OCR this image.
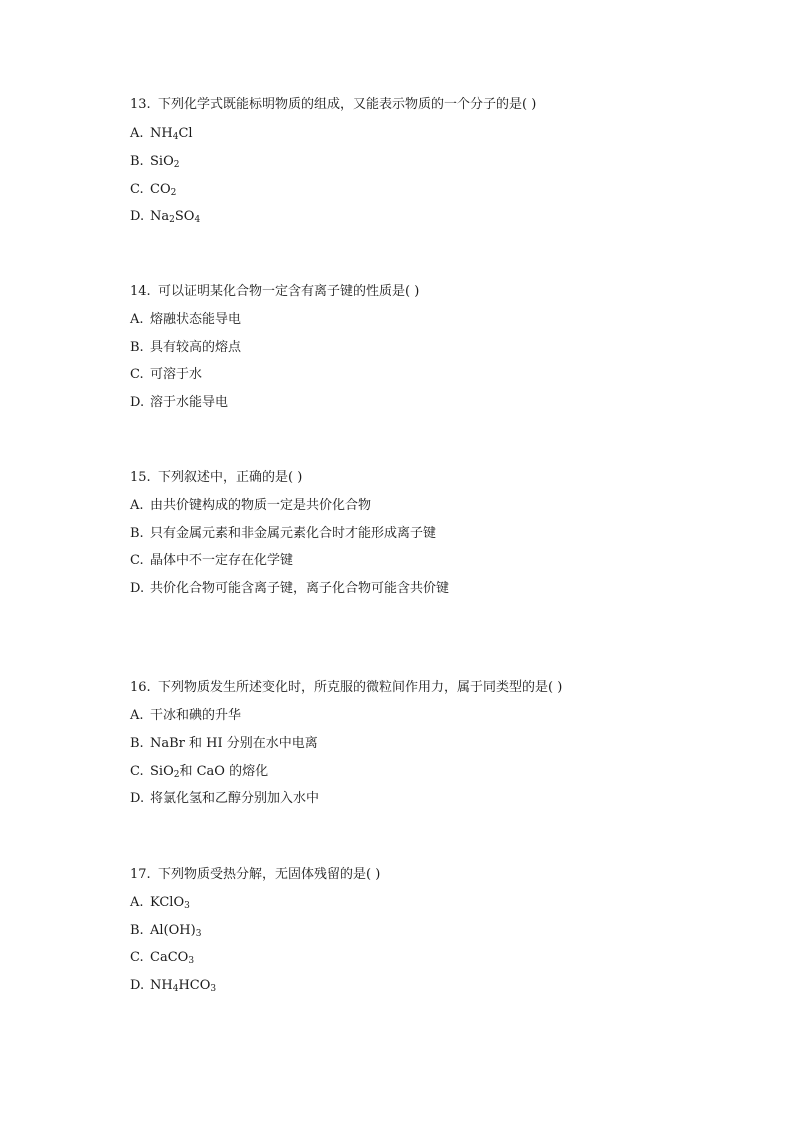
13. 下列化学式既能标明物质的组成，又能表示物质的一个分子的是( )
A. $NH_4Cl$
B. SiO$_2$
C. $CO_2$
D. $Na_2SO_4$
14. 可以证明某化合物一定含有离子键的性质是( )
A. 熔融状态能导电
B. 具有较高的熔点
C. 可溶于水
D. 溶于水能导电
15. 下列叙述中，正确的是( )
A. 由共价键构成的物质一定是共价化合物
B. 只有金属元素和非金属元素化合时才能形成离子键
C. 晶体中不一定存在化学键
D. 共价化合物可能含离子键，离子化合物可能含共价键
16. 下列物质发生所述变化时，所克服的微粒间作用力，属于同类型的是( )
A. 干冰和碘的升华
B. NaBr 和 HI 分别在水中电离
C. SiO$_2$和 CaO 的熔化
D. 将氯化氢和乙醇分别加入水中
17. 下列物质受热分解，无固体残留的是( )
A. KClO$_3$
B. $Al(OH)_3$
C. CaCO$_3$
D. $NH_4HCO_3$
